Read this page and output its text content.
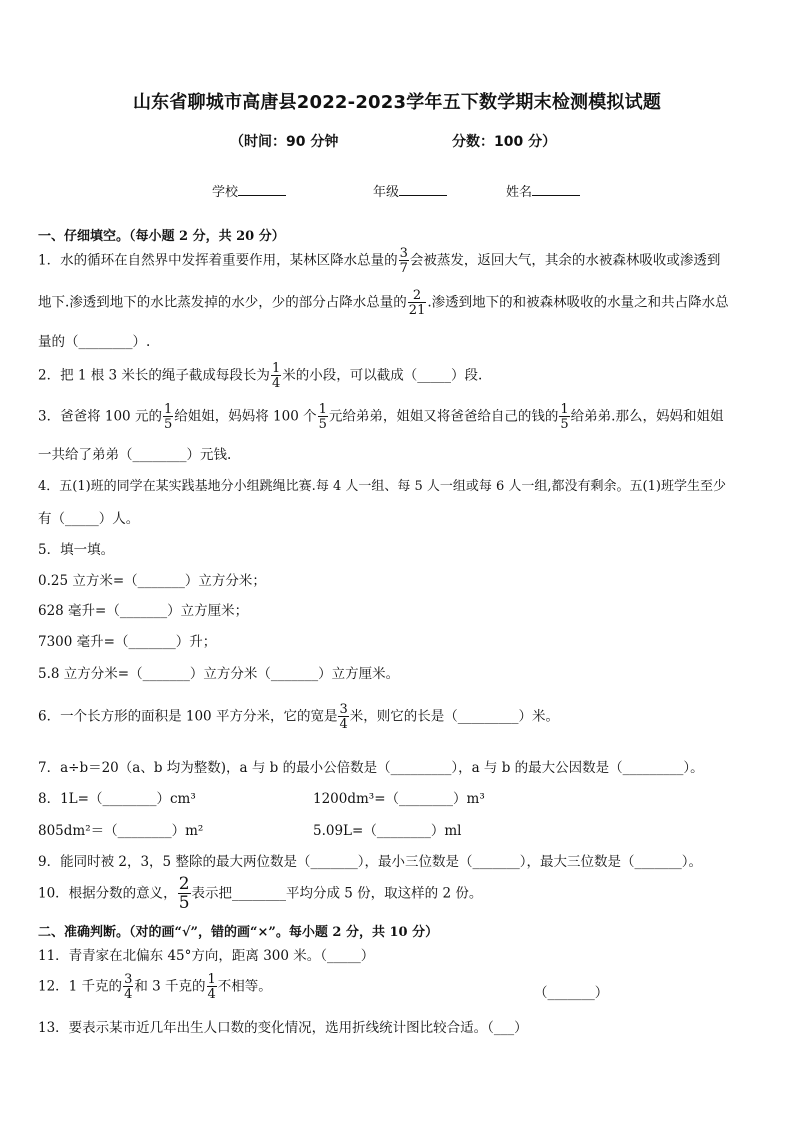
山东省聊城市高唐县2022-2023学年五下数学期末检测模拟试题
（时间：90 分钟	分数：100 分）
学校	年级	姓名
一、仔细填空。（每小题 2 分，共 20 分）
1．水的循环在自然界中发挥着重要作用，某林区降水总量的 $\frac{3}{7}$ 会被蒸发，返回大气，其余的水被森林吸收或渗透到
地下.渗透到地下的水比蒸发掉的水少，少的部分占降水总量的 $\frac{2}{21}$ .渗透到地下的和被森林吸收的水量之和共占降水总
量的（________）.
2．把 1 根 3 米长的绳子截成每段长为 $\frac{1}{4}$ 米的小段，可以截成（_____）段.
3．爸爸将 100 元的 $\frac{1}{5}$ 给姐姐，妈妈将 100 个 $\frac{1}{5}$ 元给弟弟，姐姐又将爸爸给自己的钱的 $\frac{1}{5}$ 给弟弟.那么，妈妈和姐姐
一共给了弟弟（________）元钱.
4．五(1)班的同学在某实践基地分小组跳绳比赛.每 4 人一组、每 5 人一组或每 6 人一组,都没有剩余。五(1)班学生至少
有（_____）人。
5．填一填。
0.25 立方米=（_______）立方分米；
628 毫升=（_______）立方厘米；
7300 毫升=（_______）升；
5.8 立方分米=（_______）立方分米（_______）立方厘米。
6．一个长方形的面积是 100 平方分米，它的宽是 $\frac{3}{4}$ 米，则它的长是（_________）米。
7．a÷b＝20（a、b 均为整数)，a 与 b 的最小公倍数是（_________），a 与 b 的最大公因数是（_________）。
8．1L=（________）cm³	1200dm³=（________）m³
805dm²＝（________）m²	5.09L=（________）ml
9．能同时被 2，3，5 整除的最大两位数是（_______），最小三位数是（_______），最大三位数是（_______）。
10．根据分数的意义， $\frac{2}{5}$ 表示把________平均分成 5 份，取这样的 2 份。
二、准确判断。（对的画“√”，错的画“×”。每小题 2 分，共 10 分）
11．青青家在北偏东 45°方向，距离 300 米。（_____）
12．1 千克的 $\frac{3}{4}$ 和 3 千克的 $\frac{1}{4}$ 不相等。	（_______）
13．要表示某市近几年出生人口数的变化情况，选用折线统计图比较合适。（___）
